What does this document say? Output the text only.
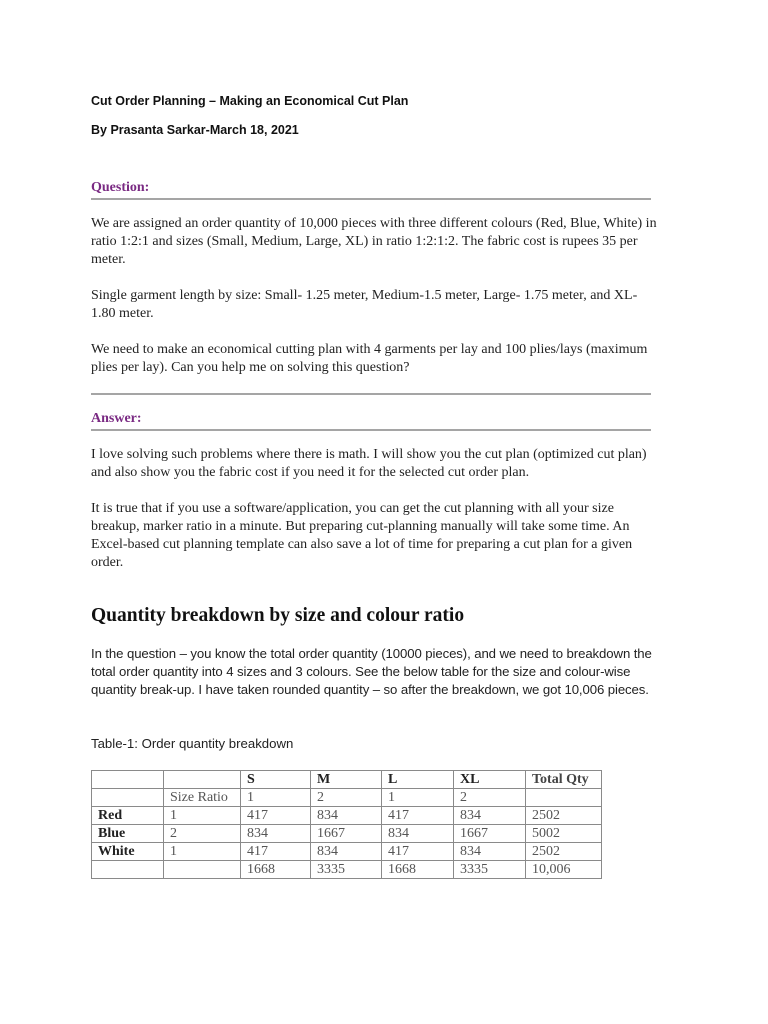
Cut Order Planning – Making an Economical Cut Plan
By Prasanta Sarkar-March 18, 2021
Question:

We are assigned an order quantity of 10,000 pieces with three different colours (Red, Blue, White) in ratio 1:2:1 and sizes (Small, Medium, Large, XL) in ratio 1:2:1:2. The fabric cost is rupees 35 per meter.

Single garment length by size: Small- 1.25 meter, Medium-1.5 meter, Large- 1.75 meter, and XL-1.80 meter.

We need to make an economical cutting plan with 4 garments per lay and 100 plies/lays (maximum plies per lay). Can you help me on solving this question?

Answer:

I love solving such problems where there is math. I will show you the cut plan (optimized cut plan) and also show you the fabric cost if you need it for the selected cut order plan.

It is true that if you use a software/application, you can get the cut planning with all your size breakup, marker ratio in a minute. But preparing cut-planning manually will take some time. An Excel-based cut planning template can also save a lot of time for preparing a cut plan for a given order.

Quantity breakdown by size and colour ratio

In the question – you know the total order quantity (10000 pieces), and we need to breakdown the total order quantity into 4 sizes and 3 colours. See the below table for the size and colour-wise quantity break-up. I have taken rounded quantity – so after the breakdown, we got 10,006 pieces.

Table-1: Order quantity breakdown
		S	M	L	XL	Total Qty
	Size Ratio	1	2	1	2	
Red	1	417	834	417	834	2502
Blue	2	834	1667	834	1667	5002
White	1	417	834	417	834	2502
		1668	3335	1668	3335	10,006
